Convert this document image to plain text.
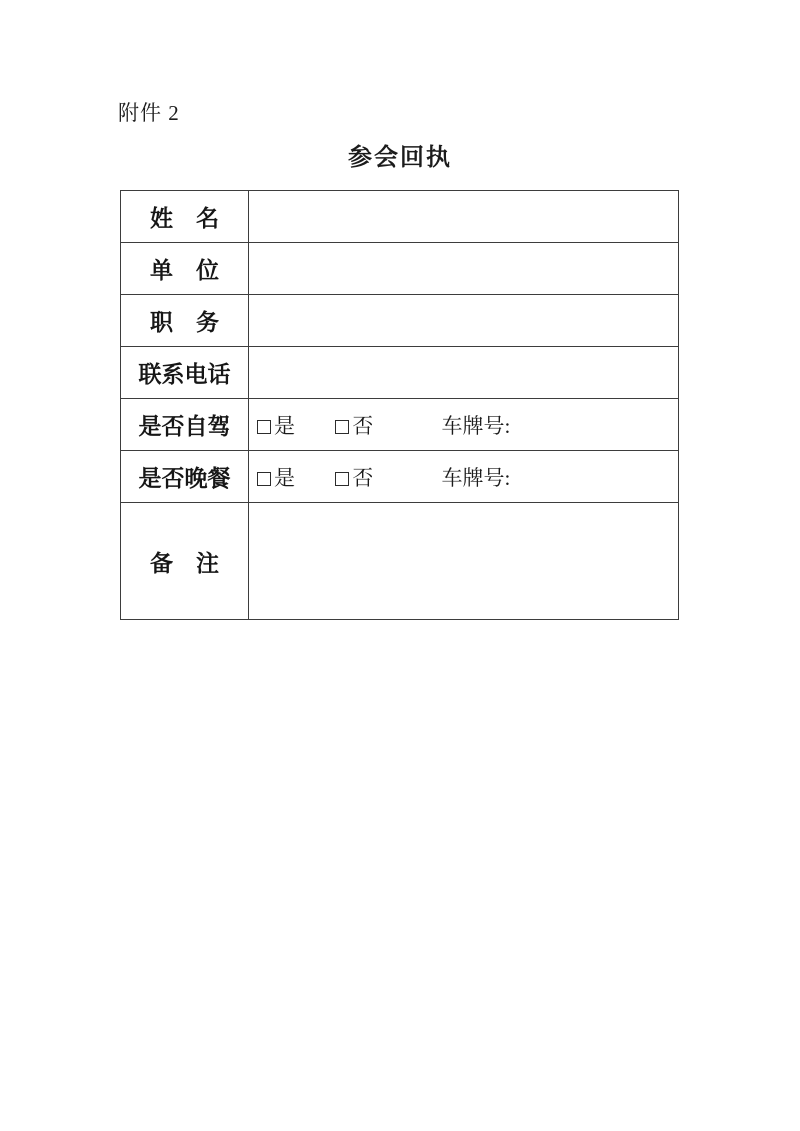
附件 2
参会回执
姓　名	
单　位	
职　务	
联系电话	
是否自驾	是 否 车牌号:
是否晚餐	是 否 车牌号:
备　注	
